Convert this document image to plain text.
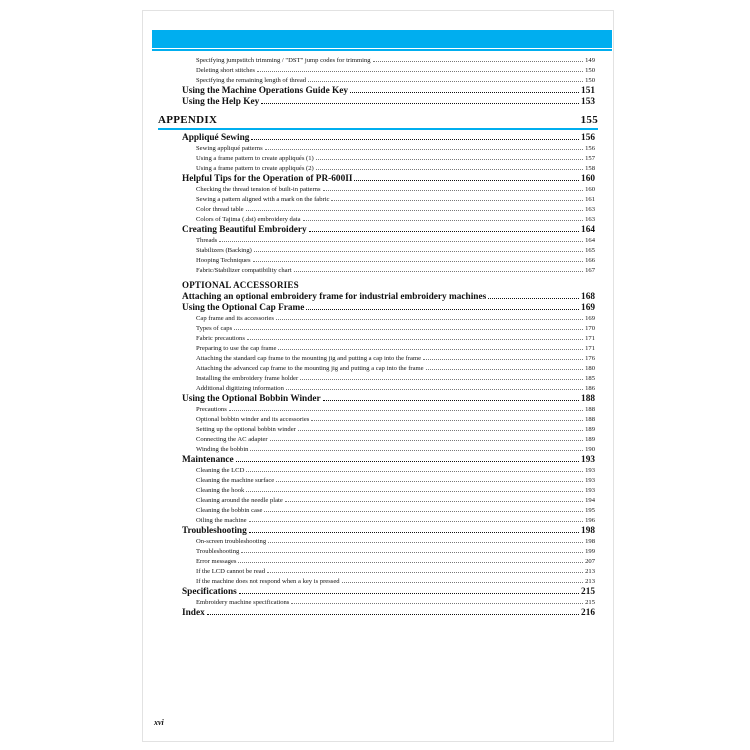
Specifying jumpstitch trimming / "DST" jump codes for trimming	149
Deleting short stitches	150
Specifying the remaining length of thread	150
Using the Machine Operations Guide Key	151
Using the Help Key	153
APPENDIX	155
Appliqué Sewing	156
Sewing appliqué patterns	156
Using a frame pattern to create appliqués (1)	157
Using a frame pattern to create appliqués (2)	158
Helpful Tips for the Operation of PR-600II	160
Checking the thread tension of built-in patterns	160
Sewing a pattern aligned with a mark on the fabric	161
Color thread table	163
Colors of Tajima (.dst) embroidery data	163
Creating Beautiful Embroidery	164
Threads	164
Stabilizers (Backing)	165
Hooping Techniques	166
Fabric/Stabilizer compatibility chart	167
OPTIONAL ACCESSORIES
Attaching an optional embroidery frame for industrial embroidery machines	168
Using the Optional Cap Frame	169
Cap frame and its accessories	169
Types of caps	170
Fabric precautions	171
Preparing to use the cap frame	171
Attaching the standard cap frame to the mounting jig and putting a cap into the frame	176
Attaching the advanced cap frame to the mounting jig and putting a cap into the frame	180
Installing the embroidery frame holder	185
Additional digitizing information	186
Using the Optional Bobbin Winder	188
Precautions	188
Optional bobbin winder and its accessories	188
Setting up the optional bobbin winder	189
Connecting the AC adapter	189
Winding the bobbin	190
Maintenance	193
Cleaning the LCD	193
Cleaning the machine surface	193
Cleaning the hook	193
Cleaning around the needle plate	194
Cleaning the bobbin case	195
Oiling the machine	196
Troubleshooting	198
On-screen troubleshooting	198
Troubleshooting	199
Error messages	207
If the LCD cannot be read	213
If the machine does not respond when a key is pressed	213
Specifications	215
Embroidery machine specifications	215
Index	216
xvi
